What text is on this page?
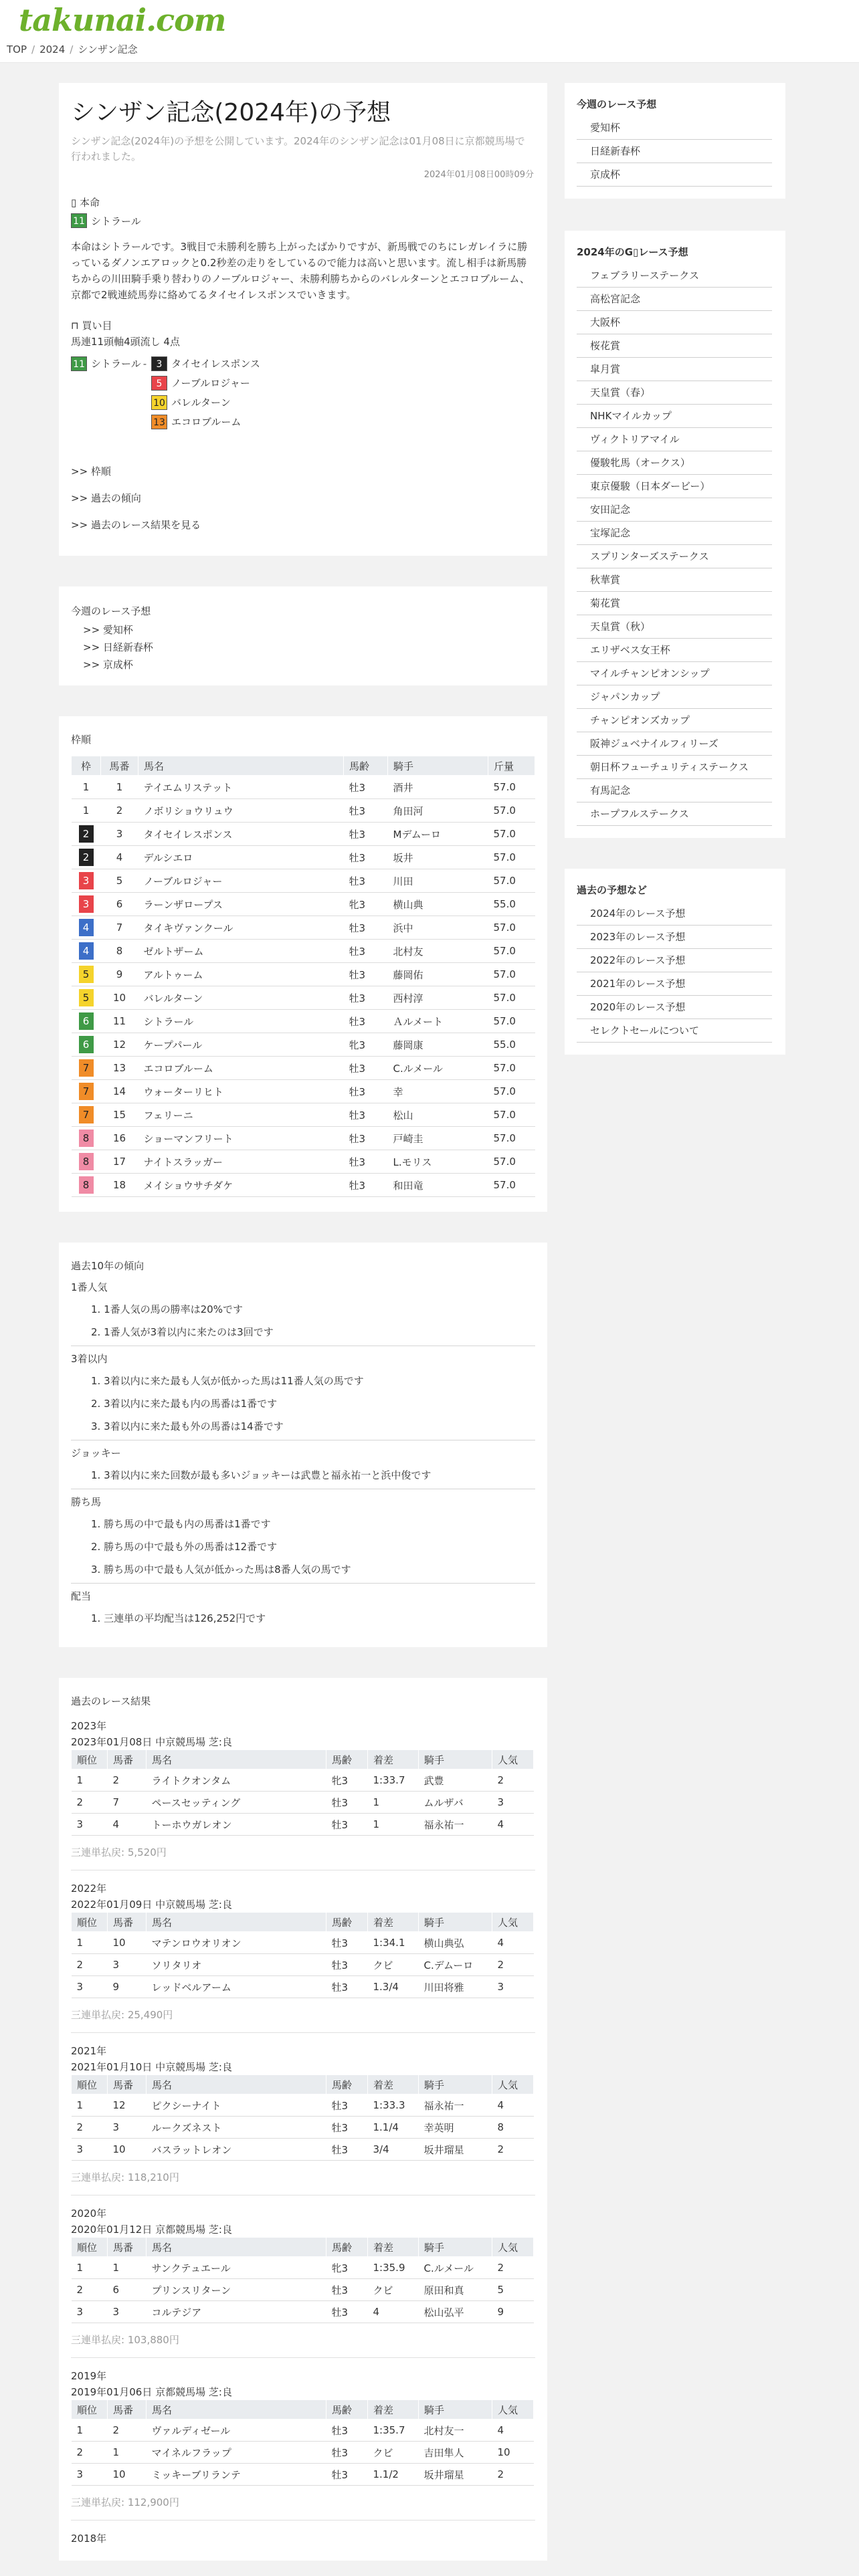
takunai.com
TOP / 2024 / シンザン記念
シンザン記念(2024年)の予想

シンザン記念(2024年)の予想を公開しています。2024年のシンザン記念は01月08日に京都競馬場で行われました。

2024年01月08日00時09分
▯ 本命
11 シトラール

本命はシトラールです。3戦目で未勝利を勝ち上がったばかりですが、新馬戦でのちにレガレイラに勝っているダノンエアロックと0.2秒差の走りをしているので能力は高いと思います。流し相手は新馬勝ちからの川田騎手乗り替わりのノーブルロジャー、未勝利勝ちからのバレルターンとエコロブルーム、京都で2戦連続馬券に絡めてるタイセイレスポンスでいきます。

⊓ 買い目
馬連11頭軸4頭流し 4点
11 シトラール -	3 タイセイレスポンス
5 ノーブルロジャー
10 バレルターン
13 エコロブルーム
>> 枠順
>> 過去の傾向
>> 過去のレース結果を見る
今週のレース予想
>> 愛知杯
>> 日経新春杯
>> 京成杯
枠順
枠	馬番	馬名	馬齢	騎手	斤量

1	1	テイエムリステット	牡3	酒井	57.0

1	2	ノボリショウリュウ	牡3	角田河	57.0

2	3	タイセイレスポンス	牡3	Mデムーロ	57.0

2	4	デルシエロ	牡3	坂井	57.0

3	5	ノーブルロジャー	牡3	川田	57.0

3	6	ラーンザロープス	牝3	横山典	55.0

4	7	タイキヴァンクール	牡3	浜中	57.0

4	8	ゼルトザーム	牡3	北村友	57.0

5	9	アルトゥーム	牡3	藤岡佑	57.0

5	10	バレルターン	牡3	西村淳	57.0

6	11	シトラール	牡3	Ａルメート	57.0

6	12	ケープパール	牝3	藤岡康	55.0

7	13	エコロブルーム	牡3	C.ルメール	57.0

7	14	ウォーターリヒト	牡3	幸	57.0

7	15	フェリーニ	牡3	松山	57.0

8	16	ショーマンフリート	牡3	戸崎圭	57.0

8	17	ナイトスラッガー	牡3	L.モリス	57.0

8	18	メイショウサチダケ	牡3	和田竜	57.0
過去10年の傾向
1番人気
1. 1番人気の馬の勝率は20%です
2. 1番人気が3着以内に来たのは3回です
3着以内
1. 3着以内に来た最も人気が低かった馬は11番人気の馬です
2. 3着以内に来た最も内の馬番は1番です
3. 3着以内に来た最も外の馬番は14番です
ジョッキー
1. 3着以内に来た回数が最も多いジョッキーは武豊と福永祐一と浜中俊です
勝ち馬
1. 勝ち馬の中で最も内の馬番は1番です
2. 勝ち馬の中で最も外の馬番は12番です
3. 勝ち馬の中で最も人気が低かった馬は8番人気の馬です
配当
1. 三連単の平均配当は126,252円です
過去のレース結果
2023年
2023年01月08日 中京競馬場 芝:良
順位	馬番	馬名	馬齢	着差	騎手	人気
1	2	ライトクオンタム	牝3	1:33.7	武豊	2
2	7	ペースセッティング	牡3	1	ムルザバ	3
3	4	トーホウガレオン	牡3	1	福永祐一	4
三連単払戻: 5,520円
2022年
2022年01月09日 中京競馬場 芝:良
順位	馬番	馬名	馬齢	着差	騎手	人気
1	10	マテンロウオリオン	牡3	1:34.1	横山典弘	4
2	3	ソリタリオ	牡3	クビ	C.デムーロ	2
3	9	レッドベルアーム	牡3	1.3/4	川田将雅	3
三連単払戻: 25,490円
2021年
2021年01月10日 中京競馬場 芝:良
順位	馬番	馬名	馬齢	着差	騎手	人気
1	12	ピクシーナイト	牡3	1:33.3	福永祐一	4
2	3	ルークズネスト	牡3	1.1/4	幸英明	8
3	10	バスラットレオン	牡3	3/4	坂井瑠星	2
三連単払戻: 118,210円
2020年
2020年01月12日 京都競馬場 芝:良
順位	馬番	馬名	馬齢	着差	騎手	人気
1	1	サンクテュエール	牝3	1:35.9	C.ルメール	2
2	6	プリンスリターン	牡3	クビ	原田和真	5
3	3	コルテジア	牡3	4	松山弘平	9
三連単払戻: 103,880円
2019年
2019年01月06日 京都競馬場 芝:良
順位	馬番	馬名	馬齢	着差	騎手	人気
1	2	ヴァルディゼール	牡3	1:35.7	北村友一	4
2	1	マイネルフラップ	牡3	クビ	吉田隼人	10
3	10	ミッキーブリランテ	牡3	1.1/2	坂井瑠星	2
三連単払戻: 112,900円
2018年
今週のレース予想
愛知杯
日経新春杯
京成杯
2024年のG▯レース予想
フェブラリーステークス
高松宮記念
大阪杯
桜花賞
皐月賞
天皇賞（春）
NHKマイルカップ
ヴィクトリアマイル
優駿牝馬（オークス）
東京優駿（日本ダービー）
安田記念
宝塚記念
スプリンターズステークス
秋華賞
菊花賞
天皇賞（秋）
エリザベス女王杯
マイルチャンピオンシップ
ジャパンカップ
チャンピオンズカップ
阪神ジュベナイルフィリーズ
朝日杯フューチュリティステークス
有馬記念
ホープフルステークス
過去の予想など
2024年のレース予想
2023年のレース予想
2022年のレース予想
2021年のレース予想
2020年のレース予想
セレクトセールについて
